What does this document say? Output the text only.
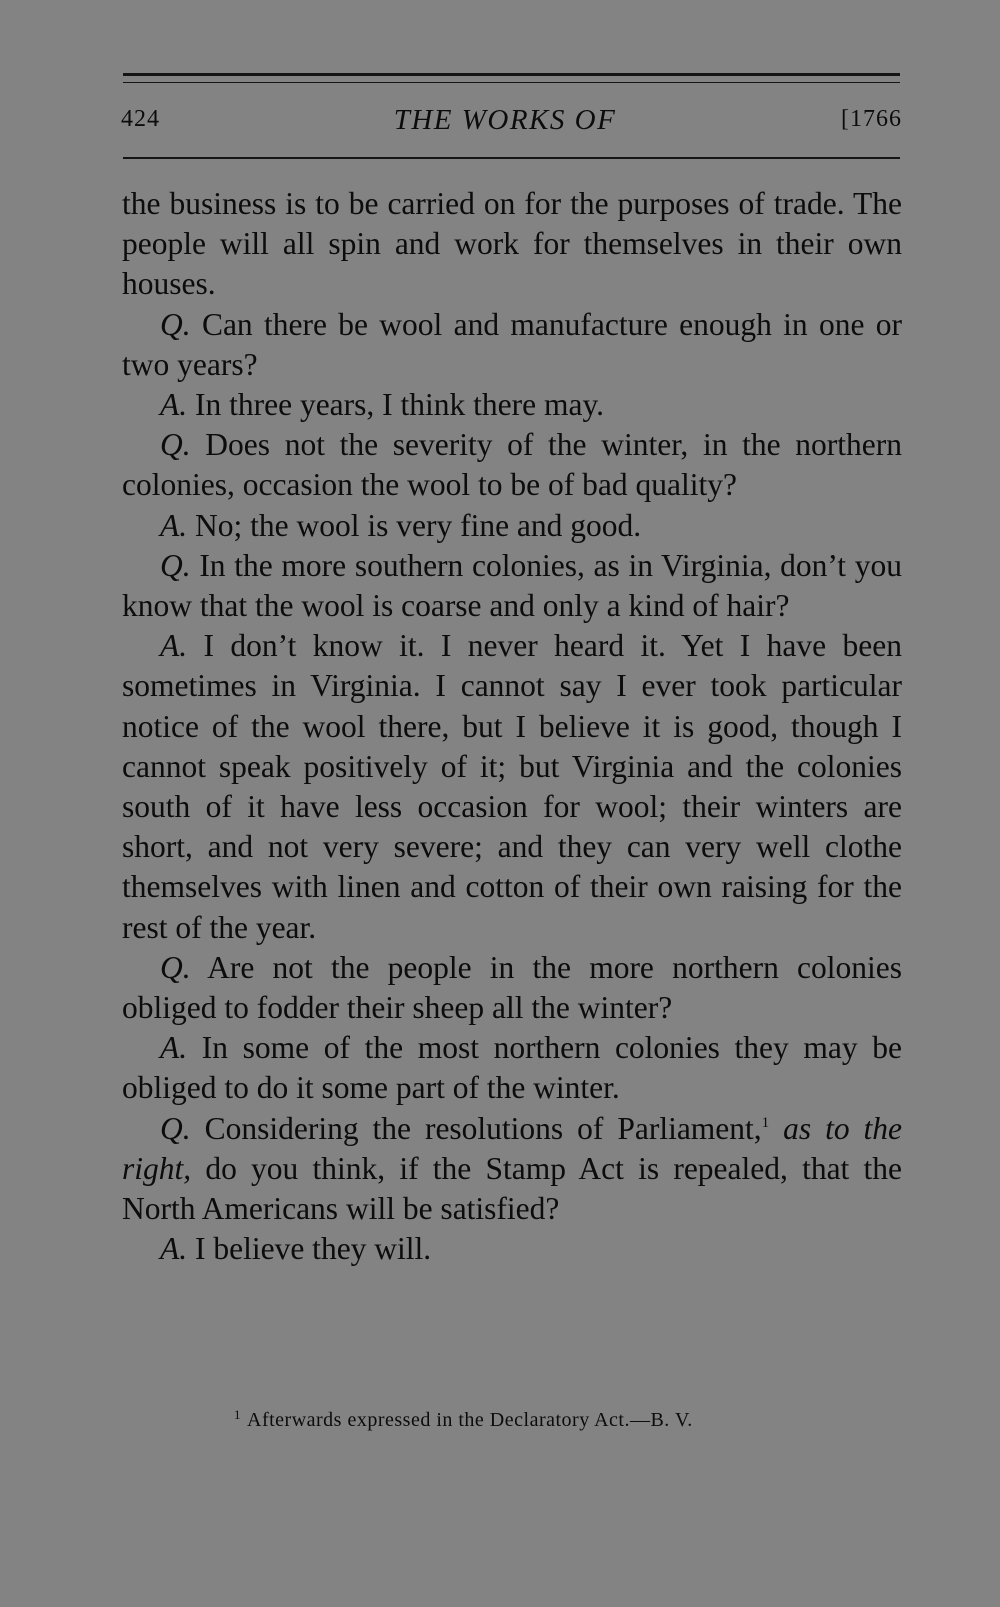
424	THE WORKS OF	[1766

the business is to be carried on for the purposes of trade. The people will all spin and work for themselves in their own houses.

Q. Can there be wool and manufacture enough in one or two years?

A. In three years, I think there may.

Q. Does not the severity of the winter, in the northern colonies, occasion the wool to be of bad quality?

A. No; the wool is very fine and good.

Q. In the more southern colonies, as in Virginia, don’t you know that the wool is coarse and only a kind of hair?

A. I don’t know it. I never heard it. Yet I have been sometimes in Virginia. I cannot say I ever took particular notice of the wool there, but I believe it is good, though I cannot speak positively of it; but Virginia and the colonies south of it have less occasion for wool; their winters are short, and not very severe; and they can very well clothe themselves with linen and cotton of their own raising for the rest of the year.

Q. Are not the people in the more northern colonies obliged to fodder their sheep all the winter?

A. In some of the most northern colonies they may be obliged to do it some part of the winter.

Q. Considering the resolutions of Parliament,$^1$ as to the right, do you think, if the Stamp Act is repealed, that the North Americans will be satisfied?

A. I believe they will.

$^1$ Afterwards expressed in the Declaratory Act.—B. V.
